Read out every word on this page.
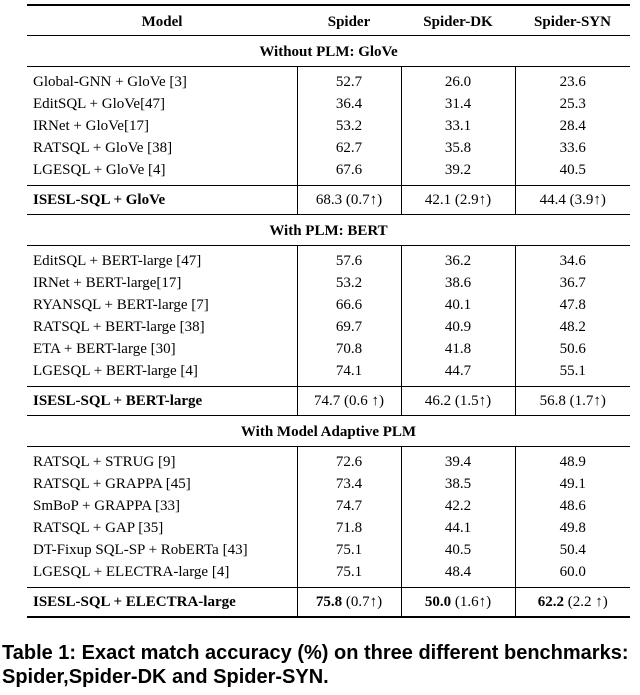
Model	Spider	Spider-DK	Spider-SYN
Without PLM: GloVe			
Global-GNN + GloVe [3]	52.7	26.0	23.6
EditSQL + GloVe[47]	36.4	31.4	25.3
IRNet + GloVe[17]	53.2	33.1	28.4
RATSQL + GloVe [38]	62.7	35.8	33.6
LGESQL + GloVe [4]	67.6	39.2	40.5
ISESL-SQL + GloVe	68.3 (0.7↑)	42.1 (2.9↑)	44.4 (3.9↑)
With PLM: BERT			
EditSQL + BERT-large [47]	57.6	36.2	34.6
IRNet + BERT-large[17]	53.2	38.6	36.7
RYANSQL + BERT-large [7]	66.6	40.1	47.8
RATSQL + BERT-large [38]	69.7	40.9	48.2
ETA + BERT-large [30]	70.8	41.8	50.6
LGESQL + BERT-large [4]	74.1	44.7	55.1
ISESL-SQL + BERT-large	74.7 (0.6 ↑)	46.2 (1.5↑)	56.8 (1.7↑)
With Model Adaptive PLM			
RATSQL + STRUG [9]	72.6	39.4	48.9
RATSQL + GRAPPA [45]	73.4	38.5	49.1
SmBoP + GRAPPA [33]	74.7	42.2	48.6
RATSQL + GAP [35]	71.8	44.1	49.8
DT-Fixup SQL-SP + RobERTa [43]	75.1	40.5	50.4
LGESQL + ELECTRA-large [4]	75.1	48.4	60.0
ISESL-SQL + ELECTRA-large	75.8 (0.7↑)	50.0 (1.6↑)	62.2 (2.2 ↑)
Table 1: Exact match accuracy (%) on three different benchmarks: Spider,Spider-DK and Spider-SYN.
